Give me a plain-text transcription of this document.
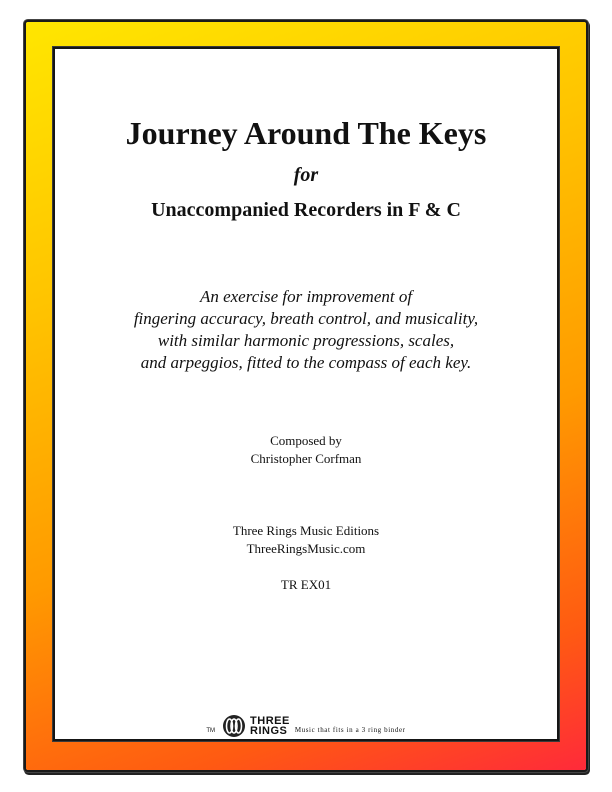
Journey Around The Keys
for
Unaccompanied Recorders in F & C
An exercise for improvement of
fingering accuracy, breath control, and musicality,
with similar harmonic progressions, scales,
and arpeggios, fitted to the compass of each key.
Composed by
Christopher Corfman
Three Rings Music Editions
ThreeRingsMusic.com
TR EX01
TM
THREE
RINGS	Music that fits in a 3 ring binder
